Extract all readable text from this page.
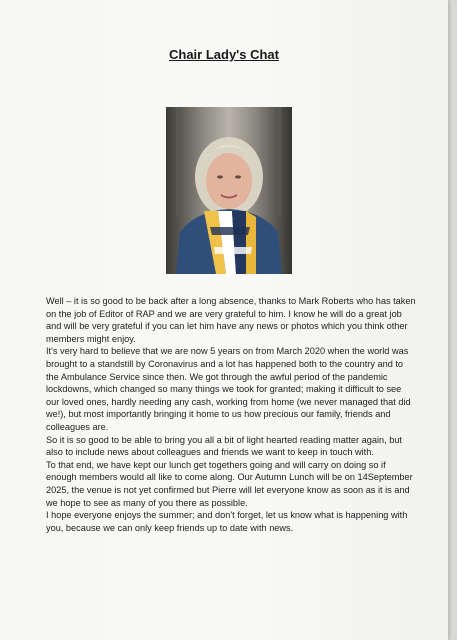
Chair Lady's Chat

Well – it is so good to be back after a long absence, thanks to Mark Roberts who has taken on the job of Editor of RAP and we are very grateful to him. I know he will do a great job and will be very grateful if you can let him have any news or photos which you think other members might enjoy.

It's very hard to believe that we are now 5 years on from March 2020 when the world was brought to a standstill by Coronavirus and a lot has happened both to the country and to the Ambulance Service since then. We got through the awful period of the pandemic lockdowns, which changed so many things we took for granted; making it difficult to see our loved ones, hardly needing any cash, working from home (we never managed that did we!), but most importantly bringing it home to us how precious our family, friends and colleagues are.

So it is so good to be able to bring you all a bit of light hearted reading matter again, but also to include news about colleagues and friends we want to keep in touch with.

To that end, we have kept our lunch get togethers going and will carry on doing so if enough members would all like to come along. Our Autumn Lunch will be on 14September 2025, the venue is not yet confirmed but Pierre will let everyone know as soon as it is and we hope to see as many of you there as possible.

I hope everyone enjoys the summer; and don't forget, let us know what is happening with you, because we can only keep friends up to date with news.
